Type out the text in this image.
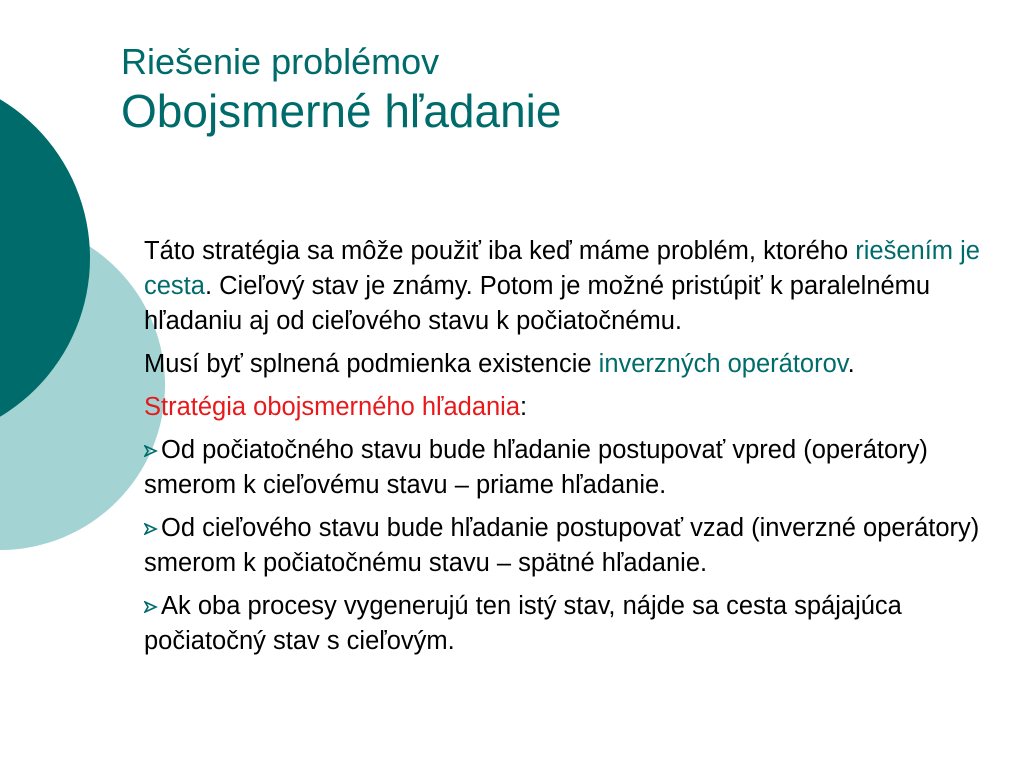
Riešenie problémov
Obojsmerné hľadanie

Táto stratégia sa môže použiť iba keď máme problém, ktorého riešením je cesta. Cieľový stav je známy. Potom je možné pristúpiť k paralelnému hľadaniu aj od cieľového stavu k počiatočnému.

Musí byť splnená podmienka existencie inverzných operátorov.

Stratégia obojsmerného hľadania:

Od počiatočného stavu bude hľadanie postupovať vpred (operátory) smerom k cieľovému stavu – priame hľadanie.

Od cieľového stavu bude hľadanie postupovať vzad (inverzné operátory) smerom k počiatočnému stavu – spätné hľadanie.

Ak oba procesy vygenerujú ten istý stav, nájde sa cesta spájajúca počiatočný stav s cieľovým.
